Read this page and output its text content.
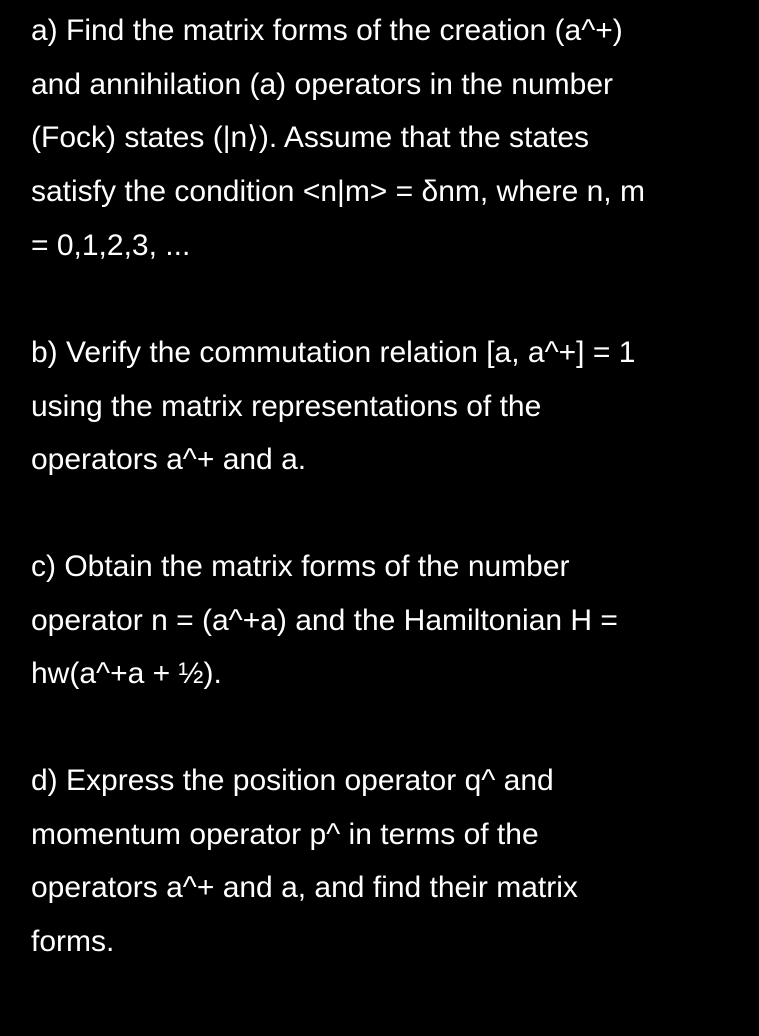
a) Find the matrix forms of the creation (a^+)
and annihilation (a) operators in the number
(Fock) states (|n⟩). Assume that the states
satisfy the condition <n|m> = δnm, where n, m
= 0,1,2,3, ...
b) Verify the commutation relation [a, a^+] = 1
using the matrix representations of the
operators a^+ and a.
c) Obtain the matrix forms of the number
operator n = (a^+a) and the Hamiltonian H =
hw(a^+a + ½).
d) Express the position operator q^ and
momentum operator p^ in terms of the
operators a^+ and a, and find their matrix
forms.
